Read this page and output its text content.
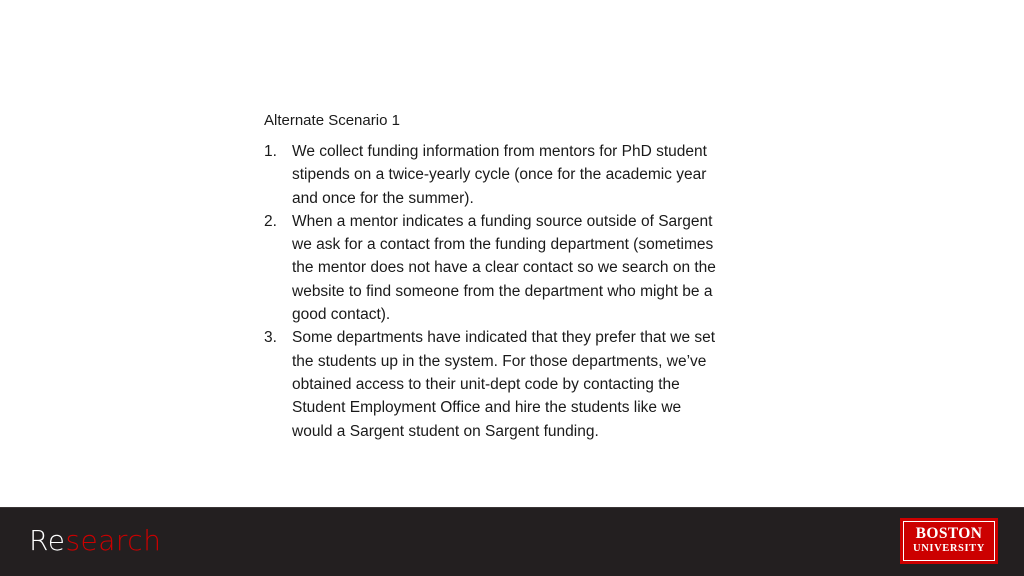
Alternate Scenario 1
1. We collect funding information from mentors for PhD student
stipends on a twice-yearly cycle (once for the academic year
and once for the summer).
2. When a mentor indicates a funding source outside of Sargent
we ask for a contact from the funding department (sometimes
the mentor does not have a clear contact so we search on the
website to find someone from the department who might be a
good contact).
3. Some departments have indicated that they prefer that we set
the students up in the system. For those departments, we’ve
obtained access to their unit-dept code by contacting the
Student Employment Office and hire the students like we
would a Sargent student on Sargent funding.
Research	BOSTON
UNIVERSITY
